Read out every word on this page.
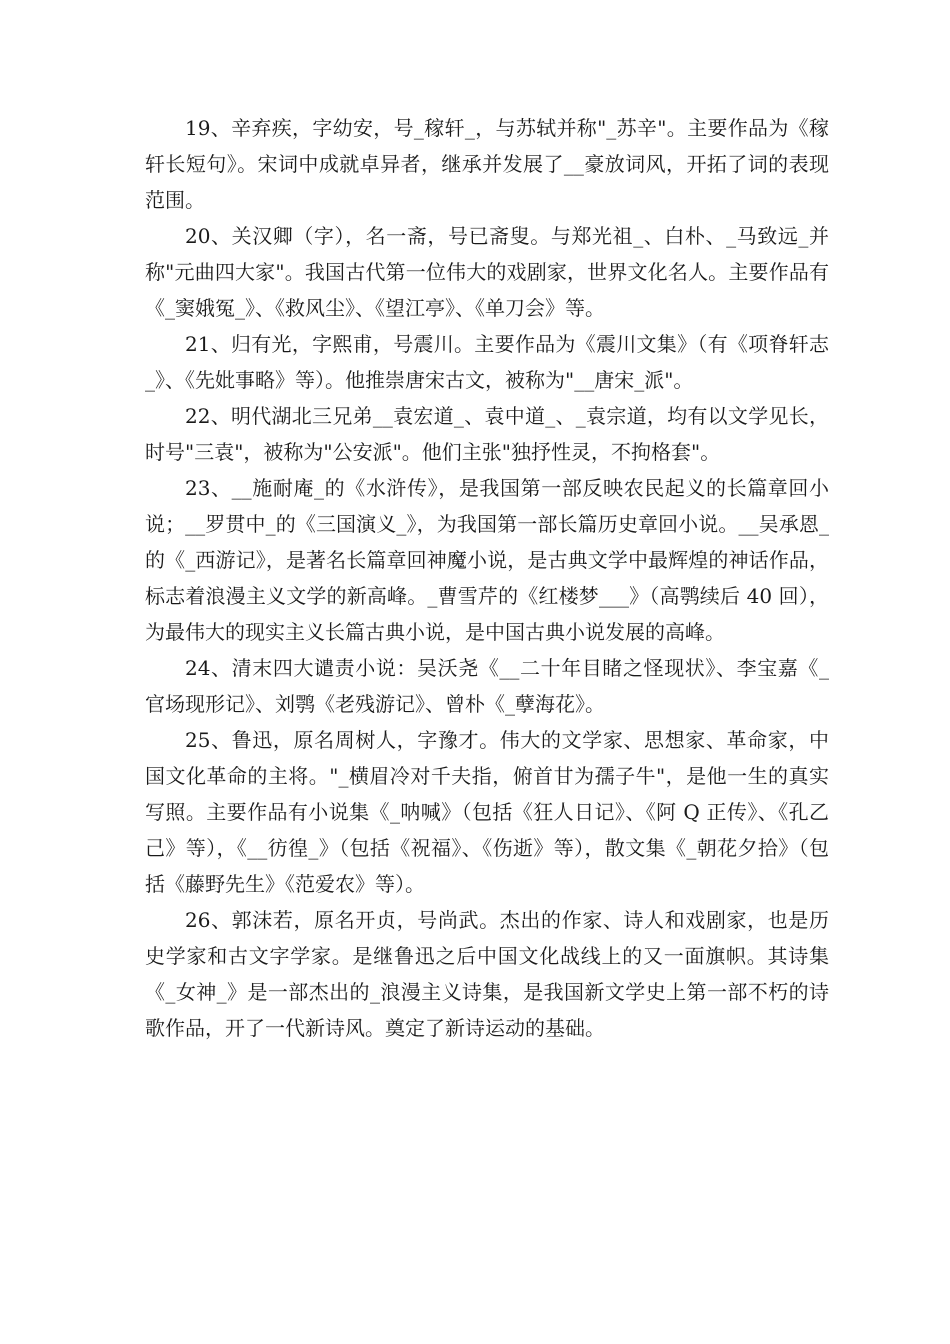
19、辛弃疾，字幼安，号_稼轩_，与苏轼并称"_苏辛"。主要作品为《稼轩长短句》。宋词中成就卓异者，继承并发展了__豪放词风，开拓了词的表现范围。

20、关汉卿（字），名一斋，号已斋叟。与郑光祖_、白朴、_马致远_并称"元曲四大家"。我国古代第一位伟大的戏剧家，世界文化名人。主要作品有《_窦娥冤_》、《救风尘》、《望江亭》、《单刀会》等。

21、归有光，字熙甫，号震川。主要作品为《震川文集》（有《项脊轩志_》、《先妣事略》等）。他推崇唐宋古文，被称为"__唐宋_派"。

22、明代湖北三兄弟__袁宏道_、袁中道_、_袁宗道，均有以文学见长，时号"三袁"，被称为"公安派"。他们主张"独抒性灵，不拘格套"。

23、__施耐庵_的《水浒传》，是我国第一部反映农民起义的长篇章回小说；__罗贯中_的《三国演义_》，为我国第一部长篇历史章回小说。__吴承恩_的《_西游记》，是著名长篇章回神魔小说，是古典文学中最辉煌的神话作品，标志着浪漫主义文学的新高峰。_曹雪芹的《红楼梦___》（高鹗续后 40 回），为最伟大的现实主义长篇古典小说，是中国古典小说发展的高峰。

24、清末四大谴责小说：吴沃尧《__二十年目睹之怪现状》、李宝嘉《_官场现形记》、刘鹗《老残游记》、曾朴《_孽海花》。

25、鲁迅，原名周树人，字豫才。伟大的文学家、思想家、革命家，中国文化革命的主将。"_横眉冷对千夫指，俯首甘为孺子牛"，是他一生的真实写照。主要作品有小说集《_呐喊》（包括《狂人日记》、《阿 Q 正传》、《孔乙己》等），《__彷徨_》（包括《祝福》、《伤逝》等），散文集《_朝花夕拾》（包括《藤野先生》《范爱农》等）。

26、郭沫若，原名开贞，号尚武。杰出的作家、诗人和戏剧家，也是历史学家和古文字学家。是继鲁迅之后中国文化战线上的又一面旗帜。其诗集《_女神_》是一部杰出的_浪漫主义诗集，是我国新文学史上第一部不朽的诗歌作品，开了一代新诗风。奠定了新诗运动的基础。
